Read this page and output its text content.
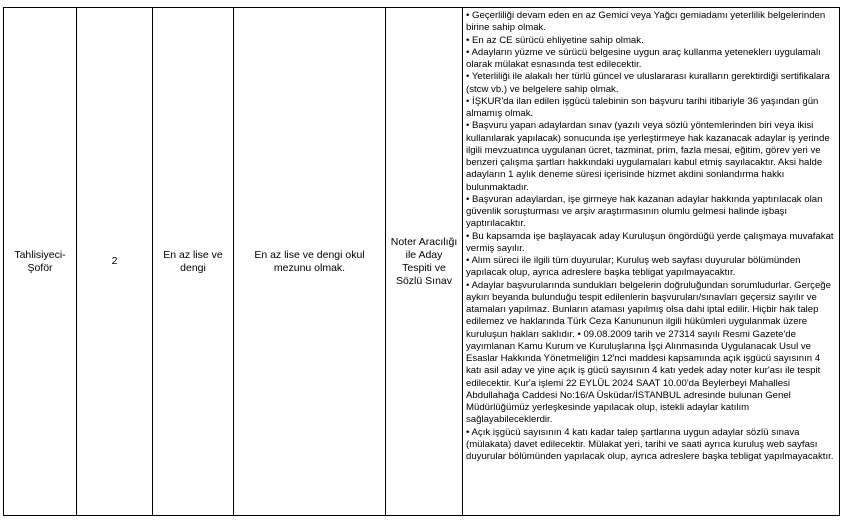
Tahlisiyeci-Şoför	2	En az lise ve dengi	En az lise ve dengi okul mezunu olmak.	Noter Aracılığı ile Aday Tespiti ve Sözlü Sınav	

• Geçerliliği devam eden en az Gemici veya Yağcı gemiadamı yeterlilik belgelerinden birine sahip olmak.

• En az CE sürücü ehliyetine sahip olmak.

• Adayların yüzme ve sürücü belgesine uygun araç kullanma yeteneklerı uygulamalı olarak mülakat esnasında test edilecektir.

• Yeterliliği ile alakalı her türlü güncel ve uluslararası kuralların gerektirdiği sertifikalara (stcw vb.) ve belgelere sahip olmak.

• İŞKUR'da ilan edilen işgücü talebinin son başvuru tarihi itibariyle 36 yaşından gün almamış olmak.

• Başvuru yapan adaylardan sınav (yazılı veya sözlü yöntemlerinden biri veya ikisi kullanılarak yapılacak) sonucunda işe yerleştirmeye hak kazanacak adaylar iş yerinde ilgili mevzuatınca uygulanan ücret, tazminat, prim, fazla mesai, eğitim, görev yeri ve benzeri çalışma şartları hakkındaki uygulamaları kabul etmiş sayılacaktır. Aksi halde adayların 1 aylık deneme süresi içerisinde hizmet akdini sonlandırma hakkı bulunmaktadır.

• Başvuran adaylardan, işe girmeye hak kazanan adaylar hakkında yaptırılacak olan güvenlik soruşturması ve arşiv araştırmasının olumlu gelmesi halinde işbaşı yaptırılacaktır.

• Bu kapsamda işe başlayacak aday Kuruluşun öngördüğü yerde çalışmaya muvafakat vermiş sayılır.

• Alım süreci ile ilgili tüm duyurular; Kuruluş web sayfası duyurular bölümünden yapılacak olup, ayrıca adreslere başka tebligat yapılmayacaktır.

• Adaylar başvurularında sundukları belgelerin doğruluğundan sorumludurlar. Gerçeğe aykırı beyanda bulunduğu tespit edilenlerin başvuruları/sınavları geçersiz sayılır ve atamaları yapılmaz. Bunların ataması yapılmış olsa dahi iptal edilir. Hiçbir hak talep edilemez ve haklarında Türk Ceza Kanununun ilgili hükümleri uygulanmak üzere kuruluşun hakları saklıdır. • 09.08.2009 tarih ve 27314 sayılı Resmi Gazete'de yayımlanan Kamu Kurum ve Kuruluşlarına İşçi Alınmasında Uygulanacak Usul ve Esaslar Hakkında Yönetmeliğin 12'nci maddesi kapsamında açık işgücü sayısının 4 katı asil aday ve yine açık iş gücü sayısının 4 katı yedek aday noter kur'ası ile tespit edilecektir. Kur'a işlemi 22 EYLÜL 2024 SAAT 10.00'da Beylerbeyi Mahallesi Abdullahağa Caddesi No:16/A Üsküdar/İSTANBUL adresinde bulunan Genel Müdürlüğümüz yerleşkesinde yapılacak olup, istekli adaylar katılım sağlayabileceklerdir.

• Açık işgücü sayısının 4 katı kadar talep şartlarına uygun adaylar sözlü sınava (mülakata) davet edilecektir. Mülakat yeri, tarihi ve saati ayrıca kuruluş web sayfası duyurular bölümünden yapılacak olup, ayrıca adreslere başka tebligat yapılmayacaktır.
